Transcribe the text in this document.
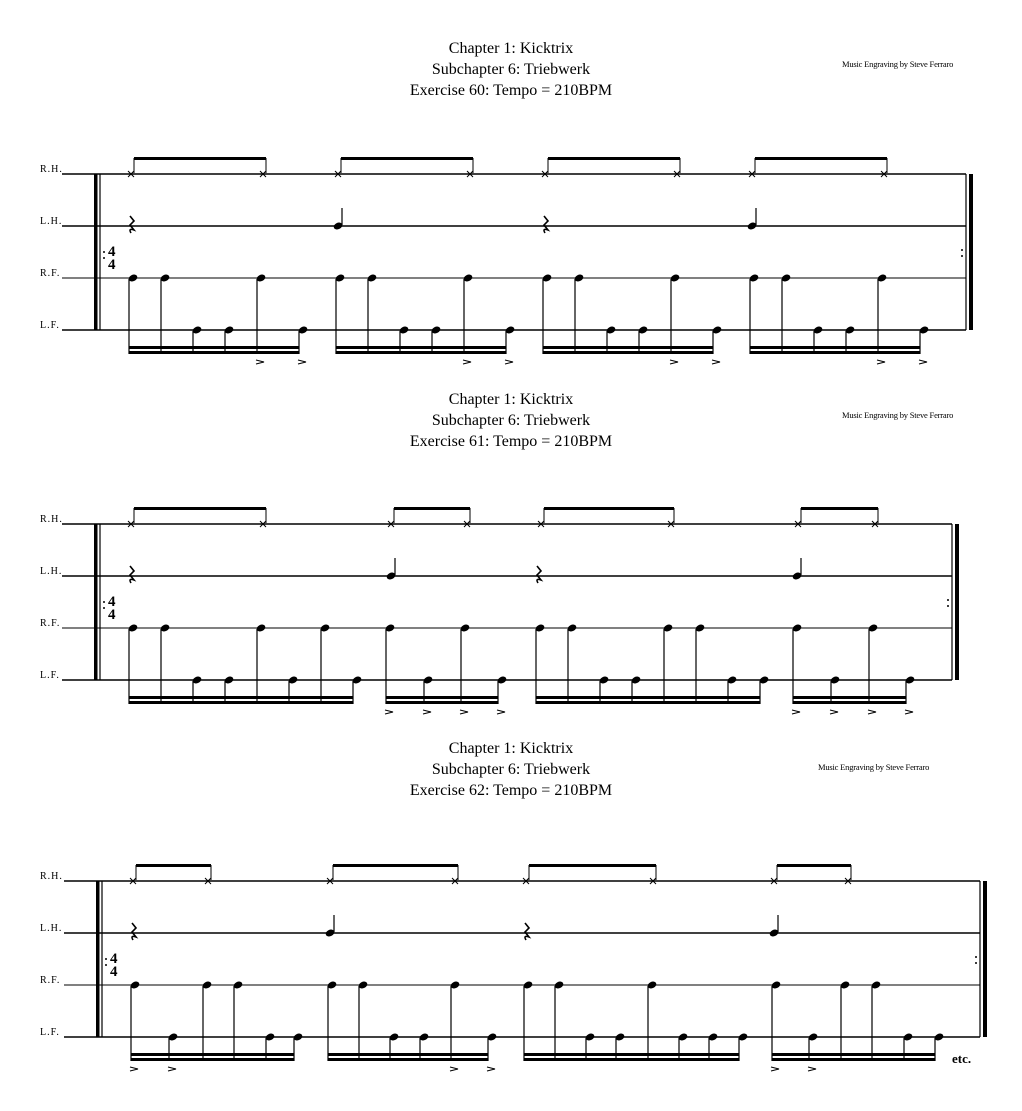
Chapter 1: Kicktrix
Subchapter 6: Triebwerk
Exercise 60: Tempo = 210BPM
Music Engraving by Steve Ferraro
R.H.
L.H.
R.F.
L.F.
4
4
Chapter 1: Kicktrix
Subchapter 6: Triebwerk
Exercise 61: Tempo = 210BPM
Music Engraving by Steve Ferraro
R.H.
L.H.
R.F.
L.F.
4
4
Chapter 1: Kicktrix
Subchapter 6: Triebwerk
Exercise 62: Tempo = 210BPM
Music Engraving by Steve Ferraro
R.H.
L.H.
R.F.
L.F.
4
4
etc.
